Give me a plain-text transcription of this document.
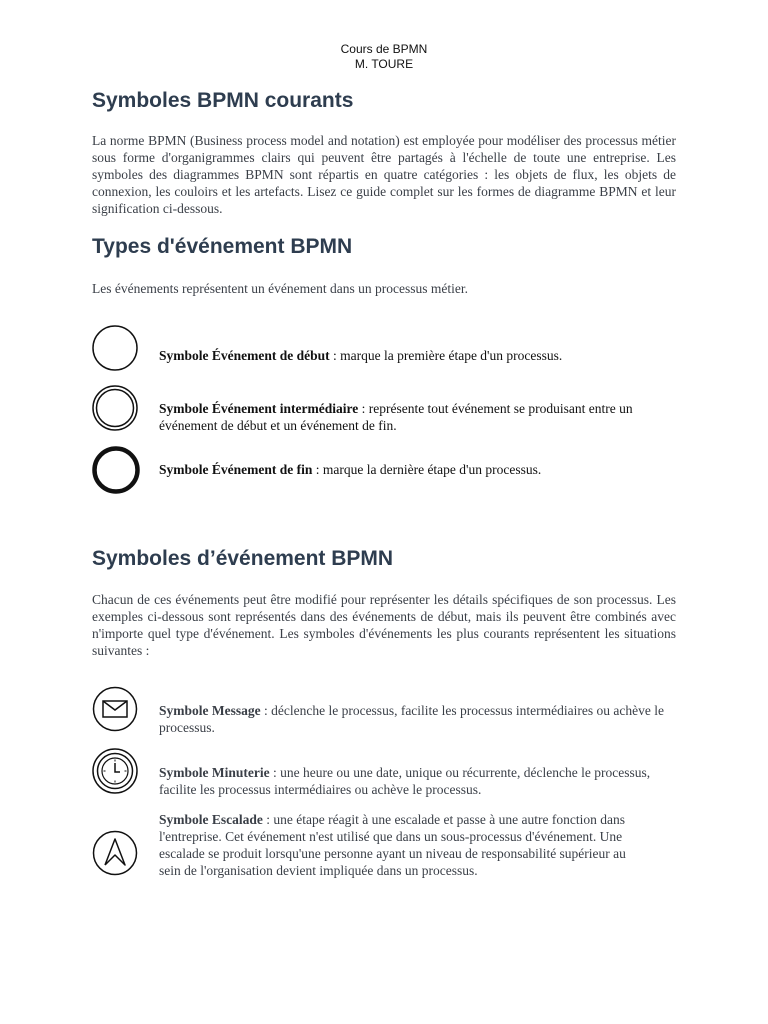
Cours de BPMN
M. TOURE
Symboles BPMN courants

La norme BPMN (Business process model and notation) est employée pour modéliser des processus métier sous forme d'organigrammes clairs qui peuvent être partagés à l'échelle de toute une entreprise. Les symboles des diagrammes BPMN sont répartis en quatre catégories : les objets de flux, les objets de connexion, les couloirs et les artefacts. Lisez ce guide complet sur les formes de diagramme BPMN et leur signification ci-dessous.

Types d'événement BPMN

Les événements représentent un événement dans un processus métier.

Symbole Événement de début : marque la première étape d'un processus.

Symbole Événement intermédiaire : représente tout événement se produisant entre un événement de début et un événement de fin.

Symbole Événement de fin : marque la dernière étape d'un processus.

Symboles d’événement BPMN

Chacun de ces événements peut être modifié pour représenter les détails spécifiques de son processus. Les exemples ci-dessous sont représentés dans des événements de début, mais ils peuvent être combinés avec n'importe quel type d'événement. Les symboles d'événements les plus courants représentent les situations suivantes :

Symbole Message : déclenche le processus, facilite les processus intermédiaires ou achève le processus.

Symbole Minuterie : une heure ou une date, unique ou récurrente, déclenche le processus, facilite les processus intermédiaires ou achève le processus.

Symbole Escalade : une étape réagit à une escalade et passe à une autre fonction dans l'entreprise. Cet événement n'est utilisé que dans un sous-processus d'événement. Une escalade se produit lorsqu'une personne ayant un niveau de responsabilité supérieur au sein de l'organisation devient impliquée dans un processus.
